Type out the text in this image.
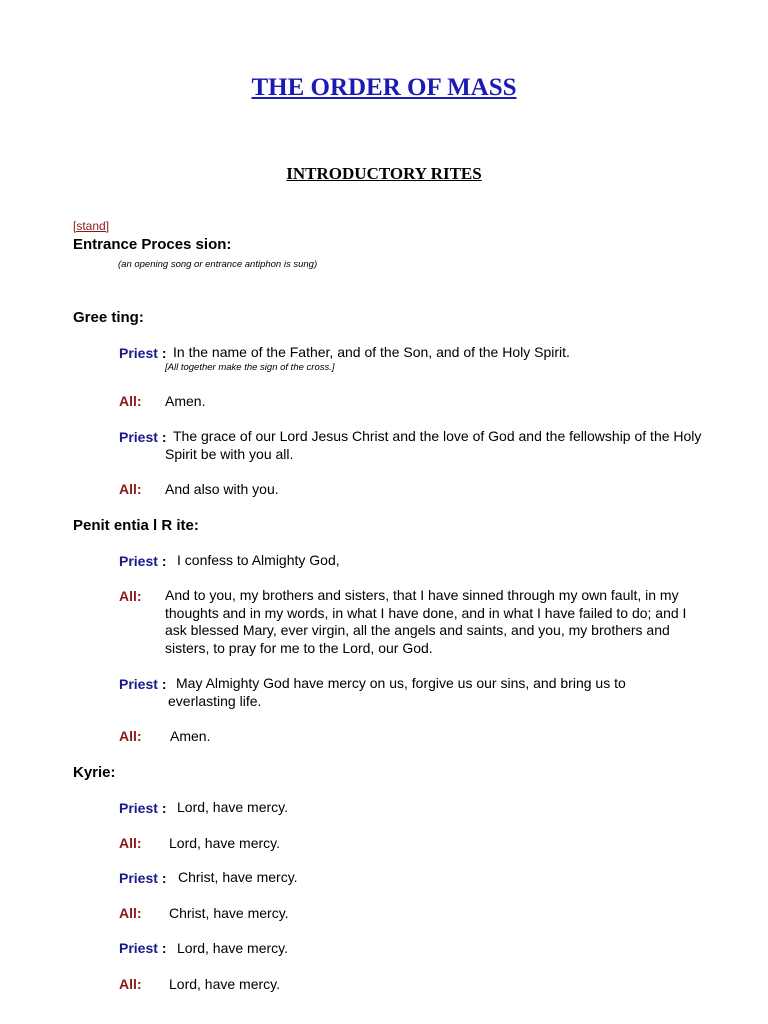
THE ORDER OF MASS
INTRODUCTORY RITES
[stand]
Entrance Proces sion:
(an opening song or entrance antiphon is sung)
Gree ting:
Priest : In the name of the Father, and of the Son, and of the Holy Spirit.
[All together make the sign of the cross.]
All: Amen.
Priest : The grace of our Lord Jesus Christ and the love of God and the fellowship of the Holy Spirit be with you all.
All: And also with you.
Penit entia l R ite:
Priest : I confess to Almighty God,
All: And to you, my brothers and sisters, that I have sinned through my own fault, in my thoughts and in my words, in what I have done, and in what I have failed to do; and I ask blessed Mary, ever virgin, all the angels and saints, and you, my brothers and sisters, to pray for me to the Lord, our God.
Priest : May Almighty God have mercy on us, forgive us our sins, and bring us to everlasting life.
All: Amen.
Kyrie:
Priest : Lord, have mercy.
All: Lord, have mercy.
Priest : Christ, have mercy.
All: Christ, have mercy.
Priest : Lord, have mercy.
All: Lord, have mercy.
